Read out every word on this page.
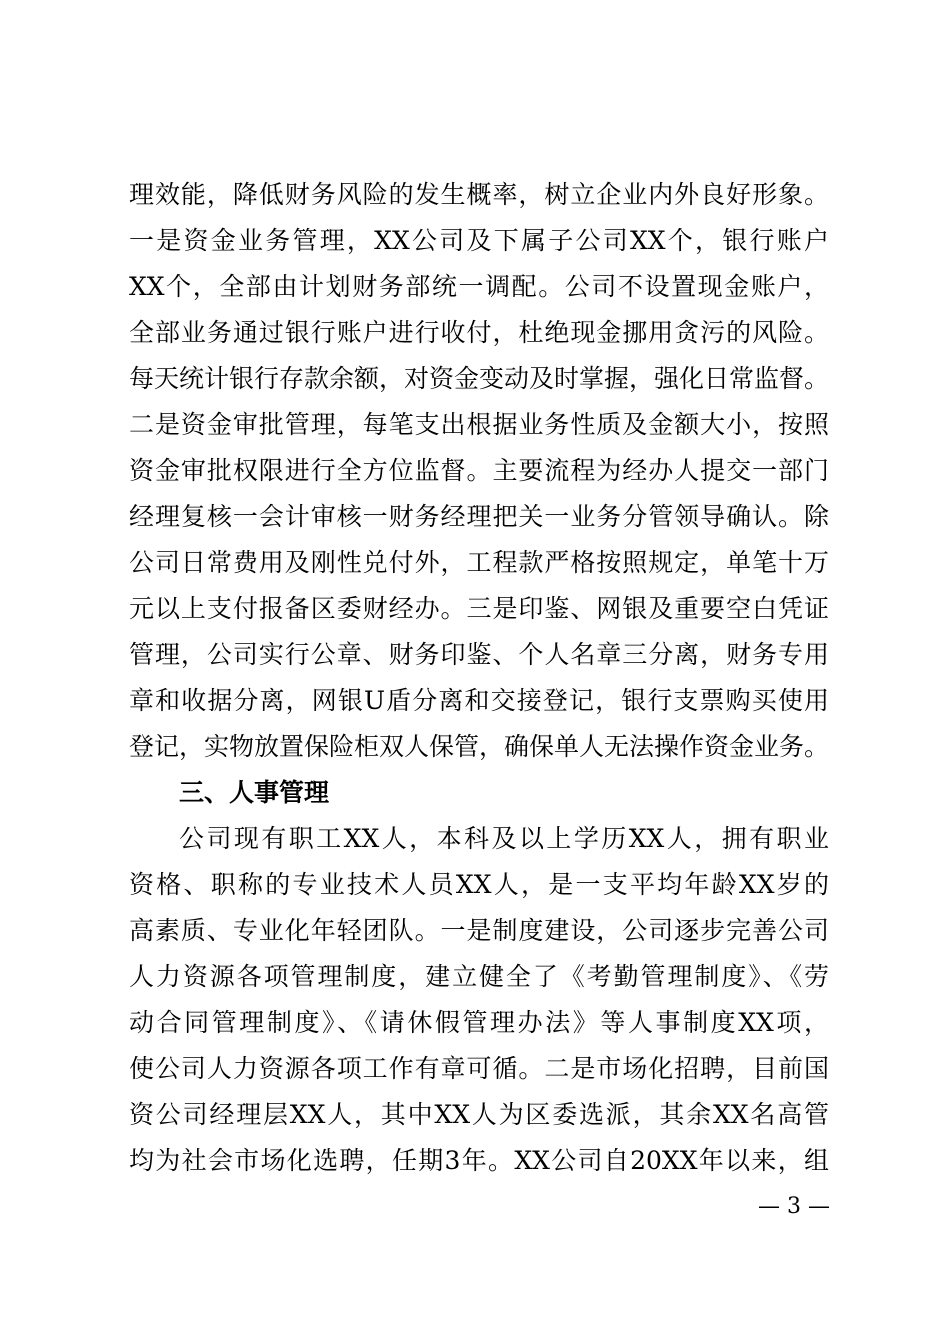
理效能，降低财务风险的发生概率，树立企业内外良好形象。
一是资金业务管理，XX公司及下属子公司XX个，银行账户
XX个，全部由计划财务部统一调配。公司不设置现金账户，
全部业务通过银行账户进行收付，杜绝现金挪用贪污的风险。
每天统计银行存款余额，对资金变动及时掌握，强化日常监督。
二是资金审批管理，每笔支出根据业务性质及金额大小，按照
资金审批权限进行全方位监督。主要流程为经办人提交一部门
经理复核一会计审核一财务经理把关一业务分管领导确认。除
公司日常费用及刚性兑付外，工程款严格按照规定，单笔十万
元以上支付报备区委财经办。三是印鉴、网银及重要空白凭证
管理，公司实行公章、财务印鉴、个人名章三分离，财务专用
章和收据分离，网银U盾分离和交接登记，银行支票购买使用
登记，实物放置保险柜双人保管，确保单人无法操作资金业务。
三、人事管理
公司现有职工XX人，本科及以上学历XX人，拥有职业
资格、职称的专业技术人员XX人，是一支平均年龄XX岁的
高素质、专业化年轻团队。一是制度建设，公司逐步完善公司
人力资源各项管理制度，建立健全了《考勤管理制度》、《劳
动合同管理制度》、《请休假管理办法》等人事制度XX项，
使公司人力资源各项工作有章可循。二是市场化招聘，目前国
资公司经理层XX人，其中XX人为区委选派，其余XX名高管
均为社会市场化选聘，任期3年。XX公司自20XX年以来，组
— 3 —
